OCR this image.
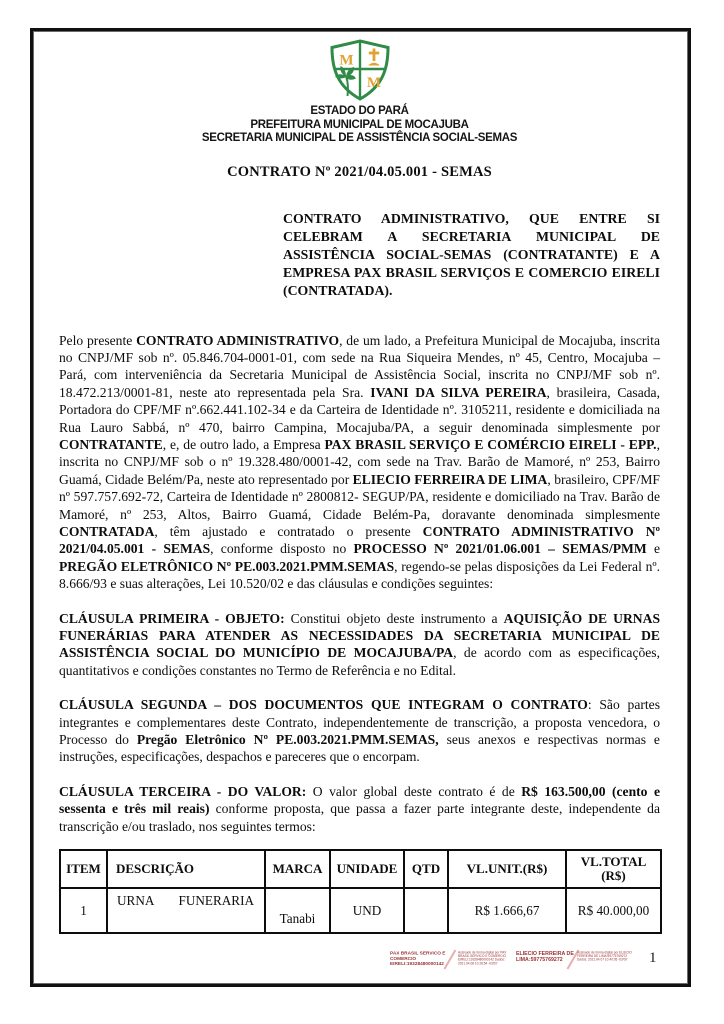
M
M
ESTADO DO PARÁ
PREFEITURA MUNICIPAL DE MOCAJUBA
SECRETARIA MUNICIPAL DE ASSISTÊNCIA SOCIAL-SEMAS
CONTRATO Nº 2021/04.05.001 - SEMAS
CONTRATO ADMINISTRATIVO, QUE ENTRE SI CELEBRAM A SECRETARIA MUNICIPAL DE ASSISTÊNCIA SOCIAL-SEMAS (CONTRATANTE) E A EMPRESA PAX BRASIL SERVIÇOS E COMERCIO EIRELI (CONTRATADA).
Pelo presente CONTRATO ADMINISTRATIVO, de um lado, a Prefeitura Municipal de Mocajuba, inscrita no CNPJ/MF sob nº. 05.846.704-0001-01, com sede na Rua Siqueira Mendes, nº 45, Centro, Mocajuba – Pará, com interveniência da Secretaria Municipal de Assistência Social, inscrita no CNPJ/MF sob nº. 18.472.213/0001-81, neste ato representada pela Sra. IVANI DA SILVA PEREIRA, brasileira, Casada, Portadora do CPF/MF nº.662.441.102-34 e da Carteira de Identidade nº. 3105211, residente e domiciliada na Rua Lauro Sabbá, nº 470, bairro Campina, Mocajuba/PA, a seguir denominada simplesmente por CONTRATANTE, e, de outro lado, a Empresa PAX BRASIL SERVIÇO E COMÉRCIO EIRELI - EPP., inscrita no CNPJ/MF sob o nº 19.328.480/0001-42, com sede na Trav. Barão de Mamoré, nº 253, Bairro Guamá, Cidade Belém/Pa, neste ato representado por ELIECIO FERREIRA DE LIMA, brasileiro, CPF/MF nº 597.757.692-72, Carteira de Identidade nº 2800812- SEGUP/PA, residente e domiciliado na Trav. Barão de Mamoré, nº 253, Altos, Bairro Guamá, Cidade Belém-Pa, doravante denominada simplesmente CONTRATADA, têm ajustado e contratado o presente CONTRATO ADMINISTRATIVO Nº 2021/04.05.001 - SEMAS, conforme disposto no PROCESSO Nº 2021/01.06.001 – SEMAS/PMM e PREGÃO ELETRÔNICO Nº PE.003.2021.PMM.SEMAS, regendo-se pelas disposições da Lei Federal nº. 8.666/93 e suas alterações, Lei 10.520/02 e das cláusulas e condições seguintes:
CLÁUSULA PRIMEIRA - OBJETO: Constitui objeto deste instrumento a AQUISIÇÃO DE URNAS FUNERÁRIAS PARA ATENDER AS NECESSIDADES DA SECRETARIA MUNICIPAL DE ASSISTÊNCIA SOCIAL DO MUNICÍPIO DE MOCAJUBA/PA, de acordo com as especificações, quantitativos e condições constantes no Termo de Referência e no Edital.
CLÁUSULA SEGUNDA – DOS DOCUMENTOS QUE INTEGRAM O CONTRATO: São partes integrantes e complementares deste Contrato, independentemente de transcrição, a proposta vencedora, o Processo do Pregão Eletrônico Nº PE.003.2021.PMM.SEMAS, seus anexos e respectivas normas e instruções, especificações, despachos e pareceres que o encorpam.
CLÁUSULA TERCEIRA - DO VALOR: O valor global deste contrato é de R$ 163.500,00 (cento e sessenta e três mil reais) conforme proposta, que passa a fazer parte integrante deste, independente da transcrição e/ou traslado, nos seguintes termos:
ITEM	DESCRIÇÃO	MARCA	UNIDADE	QTD	VL.UNIT.(R$)	VL.TOTAL (R$)
1	URNA FUNERARIA	Tanabi	UND		R$ 1.666,67	R$ 40.000,00
PAX BRASIL SERVICO E COMERCIO EIRELI:19328480000142
Assinado de forma digital por PAX BRASIL SERVICO E COMERCIO EIRELI:19328480000142 Dados: 2021.04.08 10:28:54 -03'00'
ELIECIO FERREIRA DE LIMA:59775769272
Assinado de forma digital por ELIECIO FERREIRA DE LIMA:59775769272 Dados: 2021.04.07 10:40:05 -03'00'	1
